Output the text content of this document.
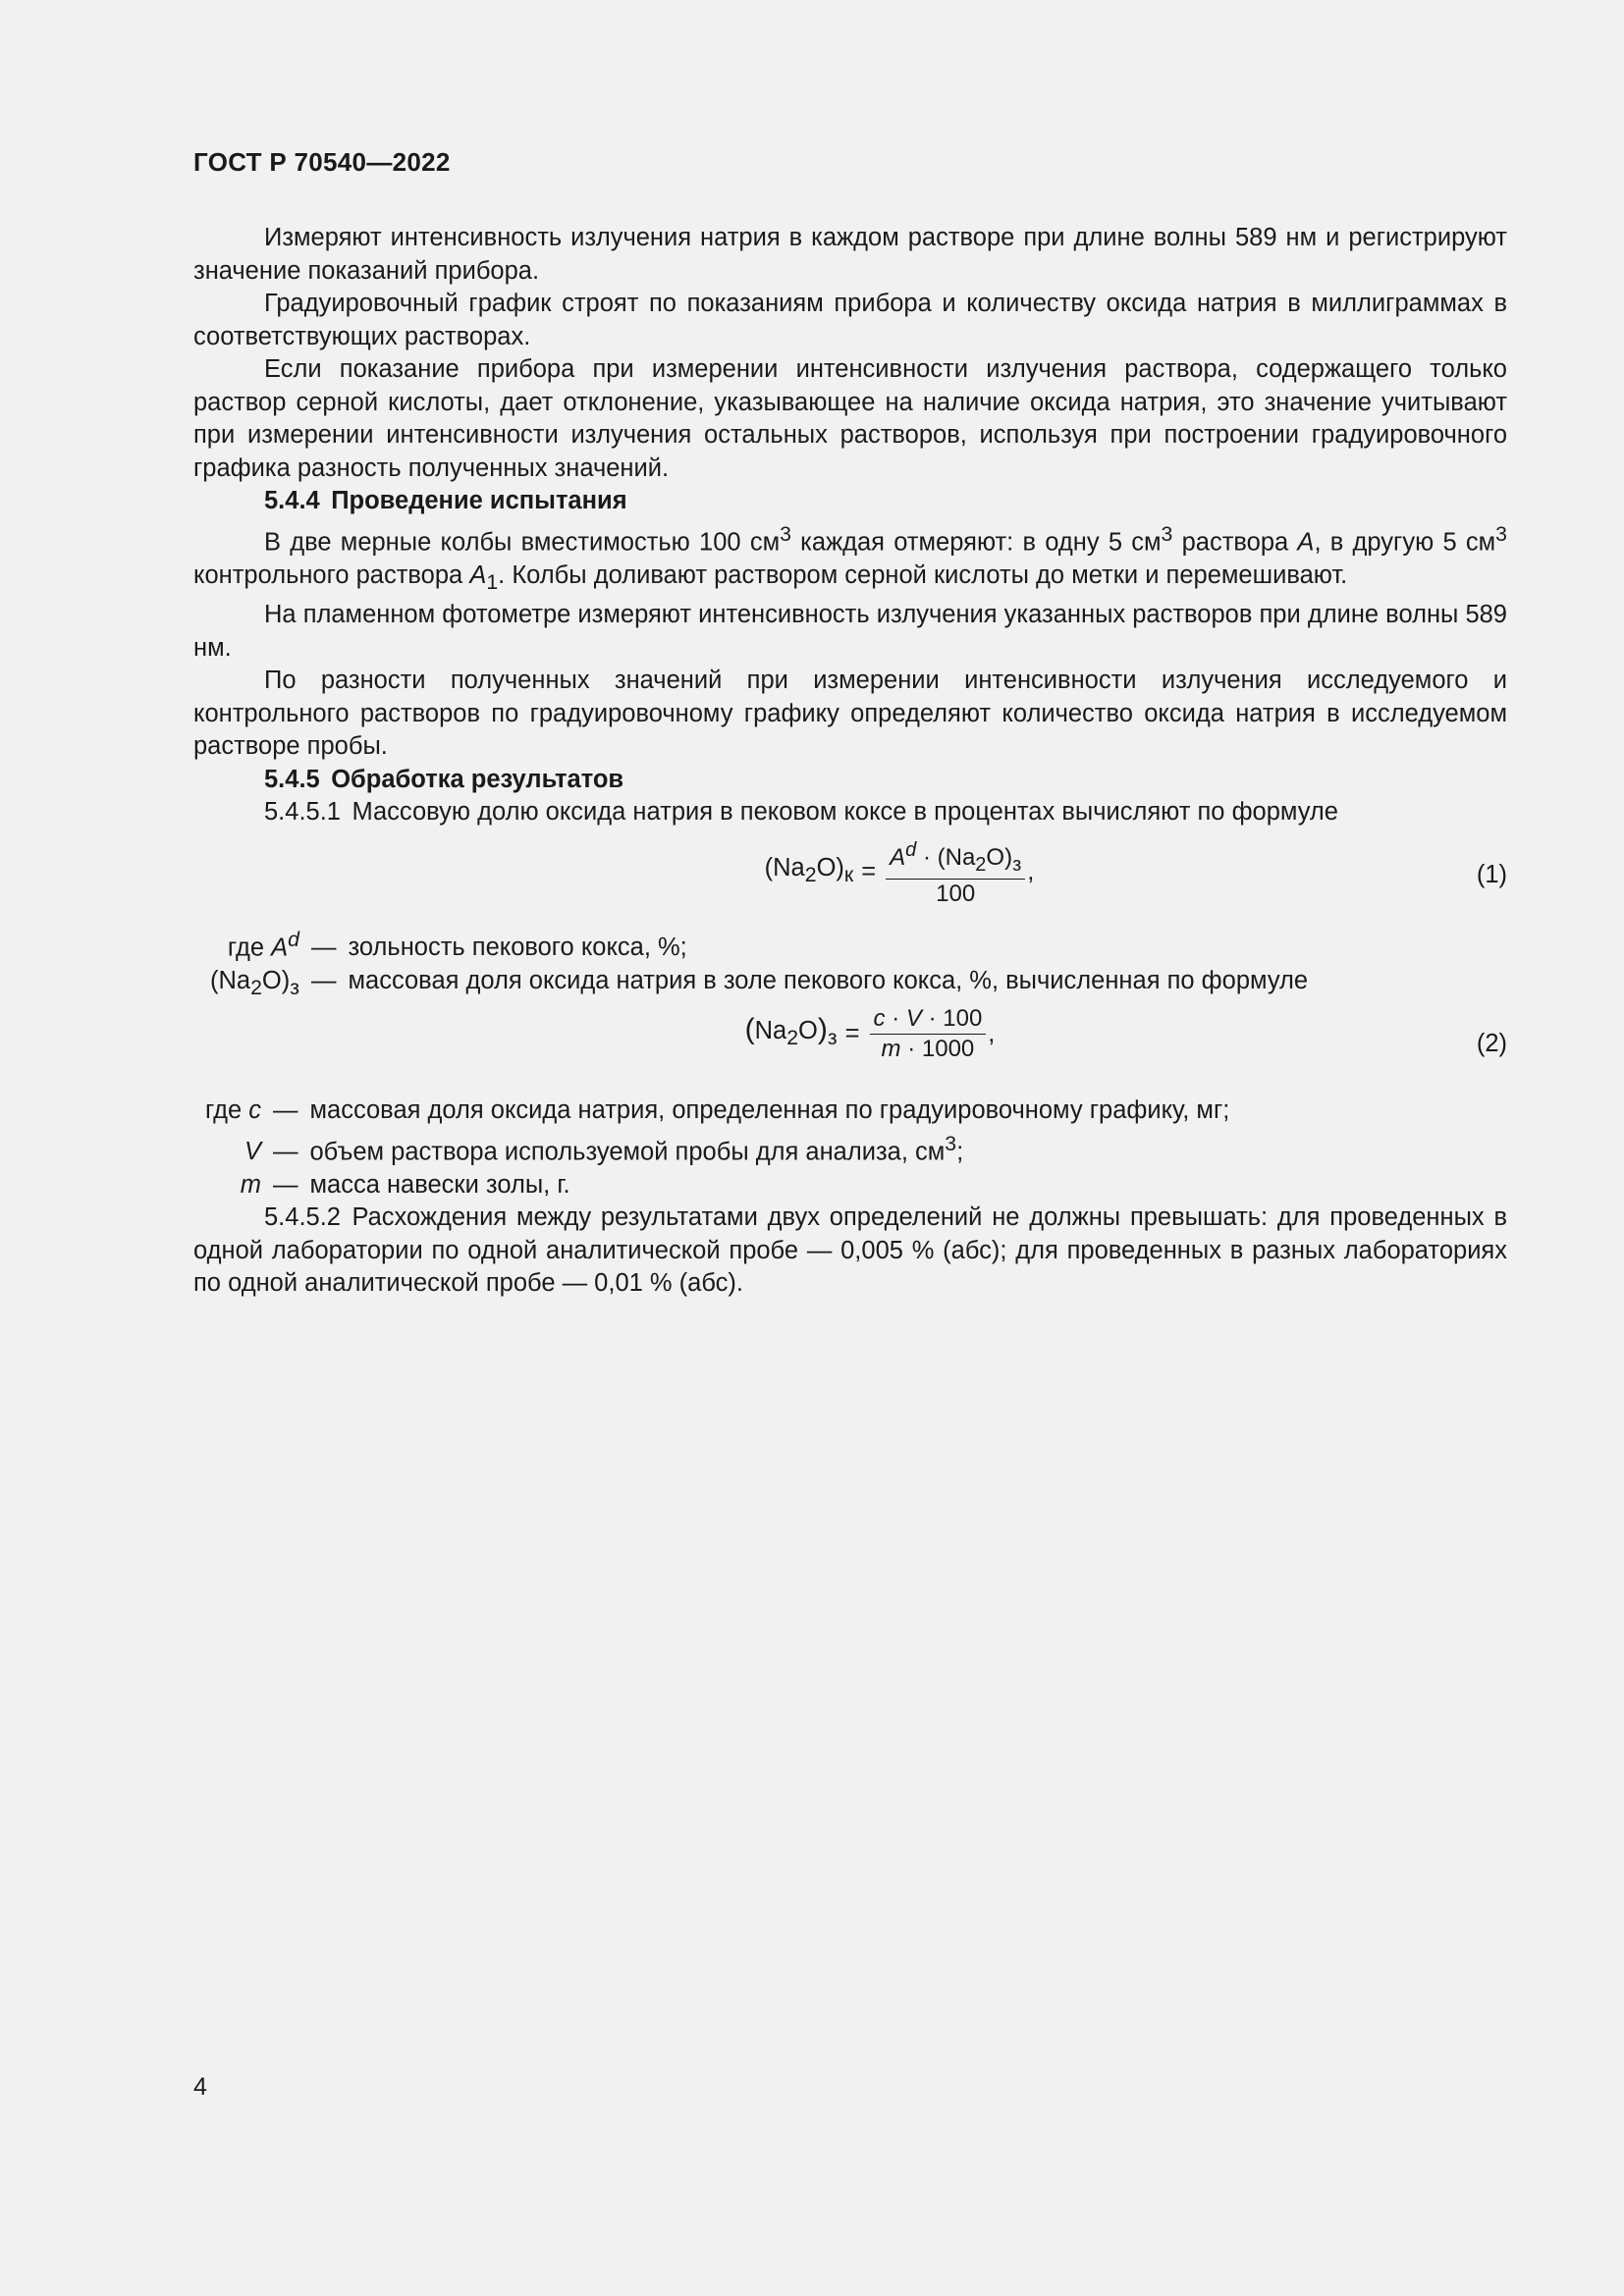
ГОСТ Р 70540—2022

Измеряют интенсивность излучения натрия в каждом растворе при длине волны 589 нм и регистрируют значение показаний прибора.

Градуировочный график строят по показаниям прибора и количеству оксида натрия в миллиграммах в соответствующих растворах.

Если показание прибора при измерении интенсивности излучения раствора, содержащего только раствор серной кислоты, дает отклонение, указывающее на наличие оксида натрия, это значение учитывают при измерении интенсивности излучения остальных растворов, используя при построении градуировочного графика разность полученных значений.

5.4.4 Проведение испытания

В две мерные колбы вместимостью 100 $см^3$ каждая отмеряют: в одну 5 $см^3$ раствора A, в другую 5 $см^3$ контрольного раствора $A_1$. Колбы доливают раствором серной кислоты до метки и перемешивают.

На пламенном фотометре измеряют интенсивность излучения указанных растворов при длине волны 589 нм.

По разности полученных значений при измерении интенсивности излучения исследуемого и контрольного растворов по градуировочному графику определяют количество оксида натрия в исследуемом растворе пробы.

5.4.5 Обработка результатов

5.4.5.1 Массовую долю оксида натрия в пековом коксе в процентах вычисляют по формуле

$(Na_2O)_к = \frac{A^d \cdot (Na_2O)_з}{100}$ ,	(1)
где $A^d$ — зольность пекового кокса, %;
$(Na_2O)_з$ — массовая доля оксида натрия в золе пекового кокса, %, вычисленная по формуле
$(Na_2O)_з = \frac{c \cdot V \cdot 100}{m \cdot 1000}$ ,	(2)
где c — массовая доля оксида натрия, определенная по градуировочному графику, мг;
V — объем раствора используемой пробы для анализа, $см^3$;
m — масса навески золы, г.

5.4.5.2 Расхождения между результатами двух определений не должны превышать: для проведенных в одной лаборатории по одной аналитической пробе — 0,005 % (абс); для проведенных в разных лабораториях по одной аналитической пробе — 0,01 % (абс).

4
